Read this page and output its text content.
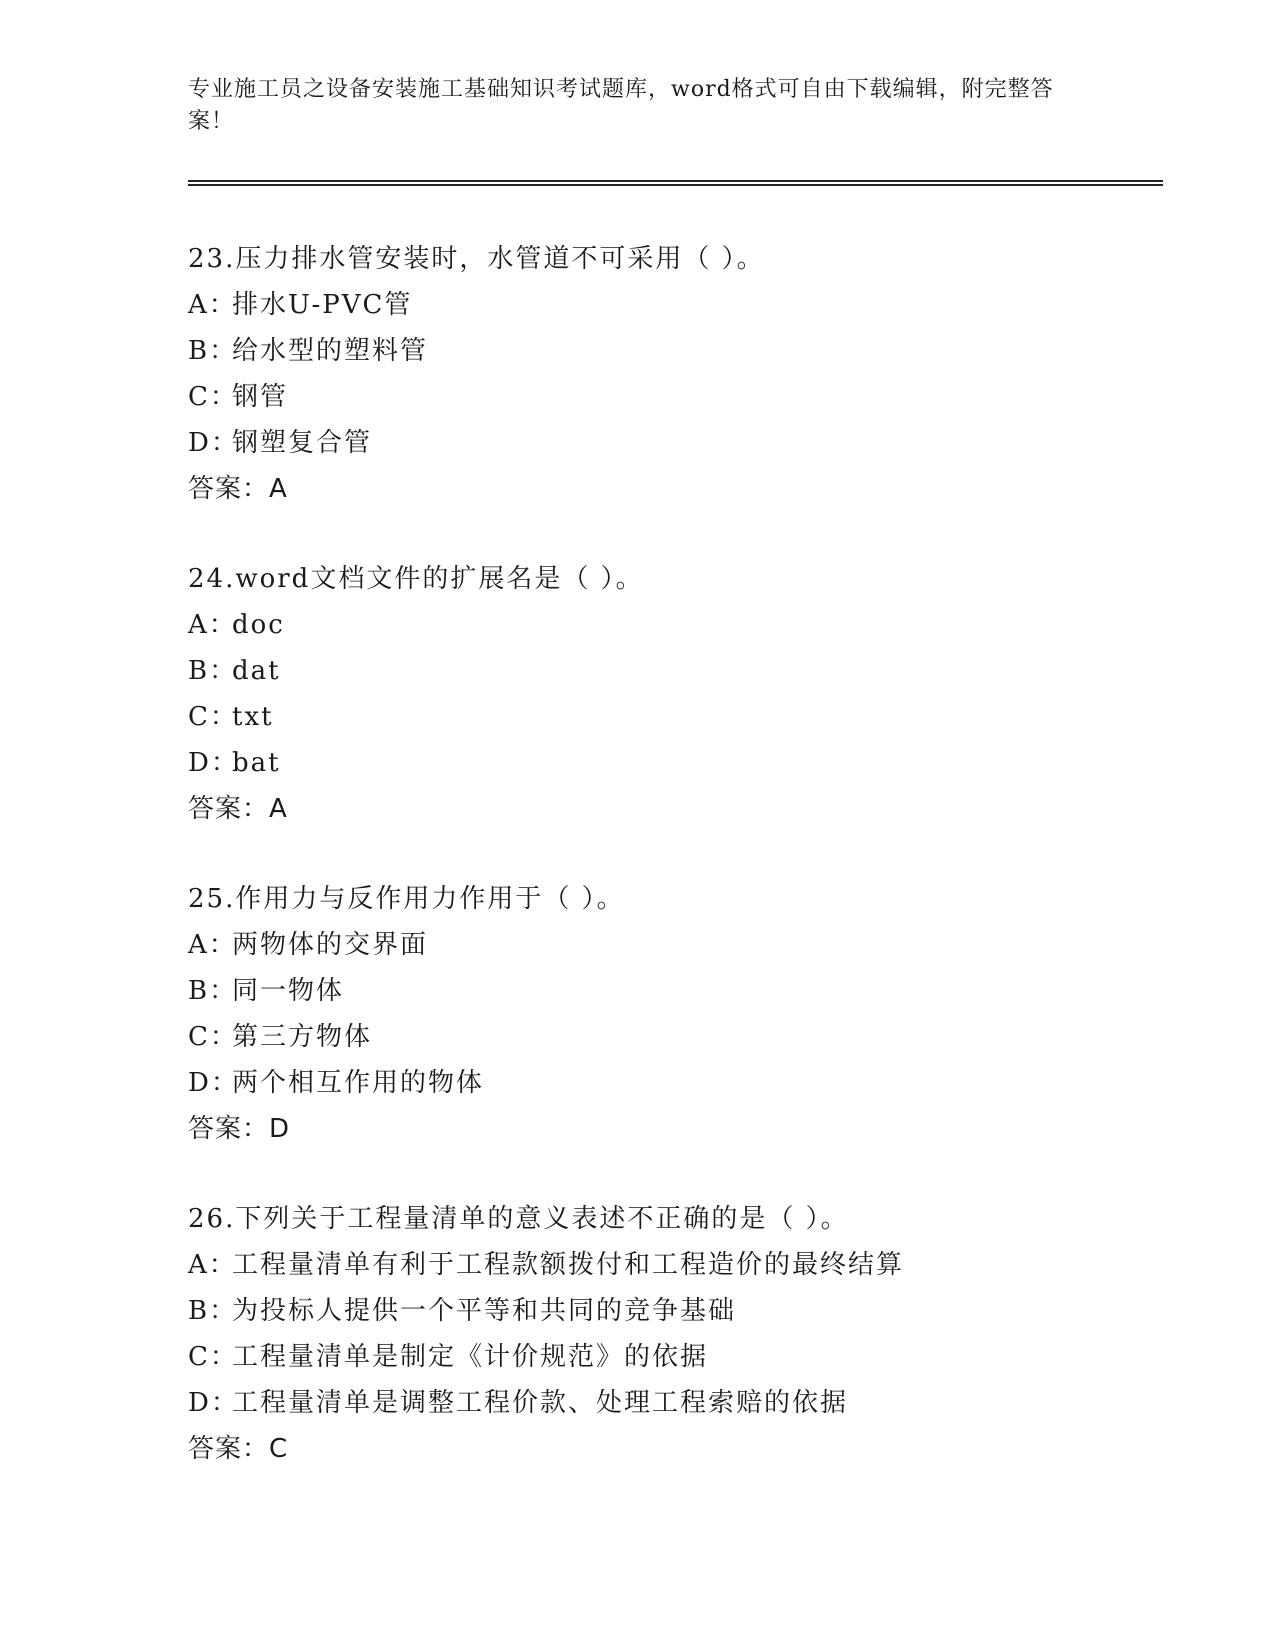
专业施工员之设备安装施工基础知识考试题库，word格式可自由下载编辑，附完整答案！
23.压力排水管安装时，水管道不可采用（ ）。
A：排水U-PVC管
B：给水型的塑料管
C：钢管
D：钢塑复合管
答案：A
24.word文档文件的扩展名是（ ）。
A：doc
B：dat
C：txt
D：bat
答案：A
25.作用力与反作用力作用于（ ）。
A：两物体的交界面
B：同一物体
C：第三方物体
D：两个相互作用的物体
答案：D
26.下列关于工程量清单的意义表述不正确的是（ ）。
A：工程量清单有利于工程款额拨付和工程造价的最终结算
B：为投标人提供一个平等和共同的竞争基础
C：工程量清单是制定《计价规范》的依据
D：工程量清单是调整工程价款、处理工程索赔的依据
答案：C
